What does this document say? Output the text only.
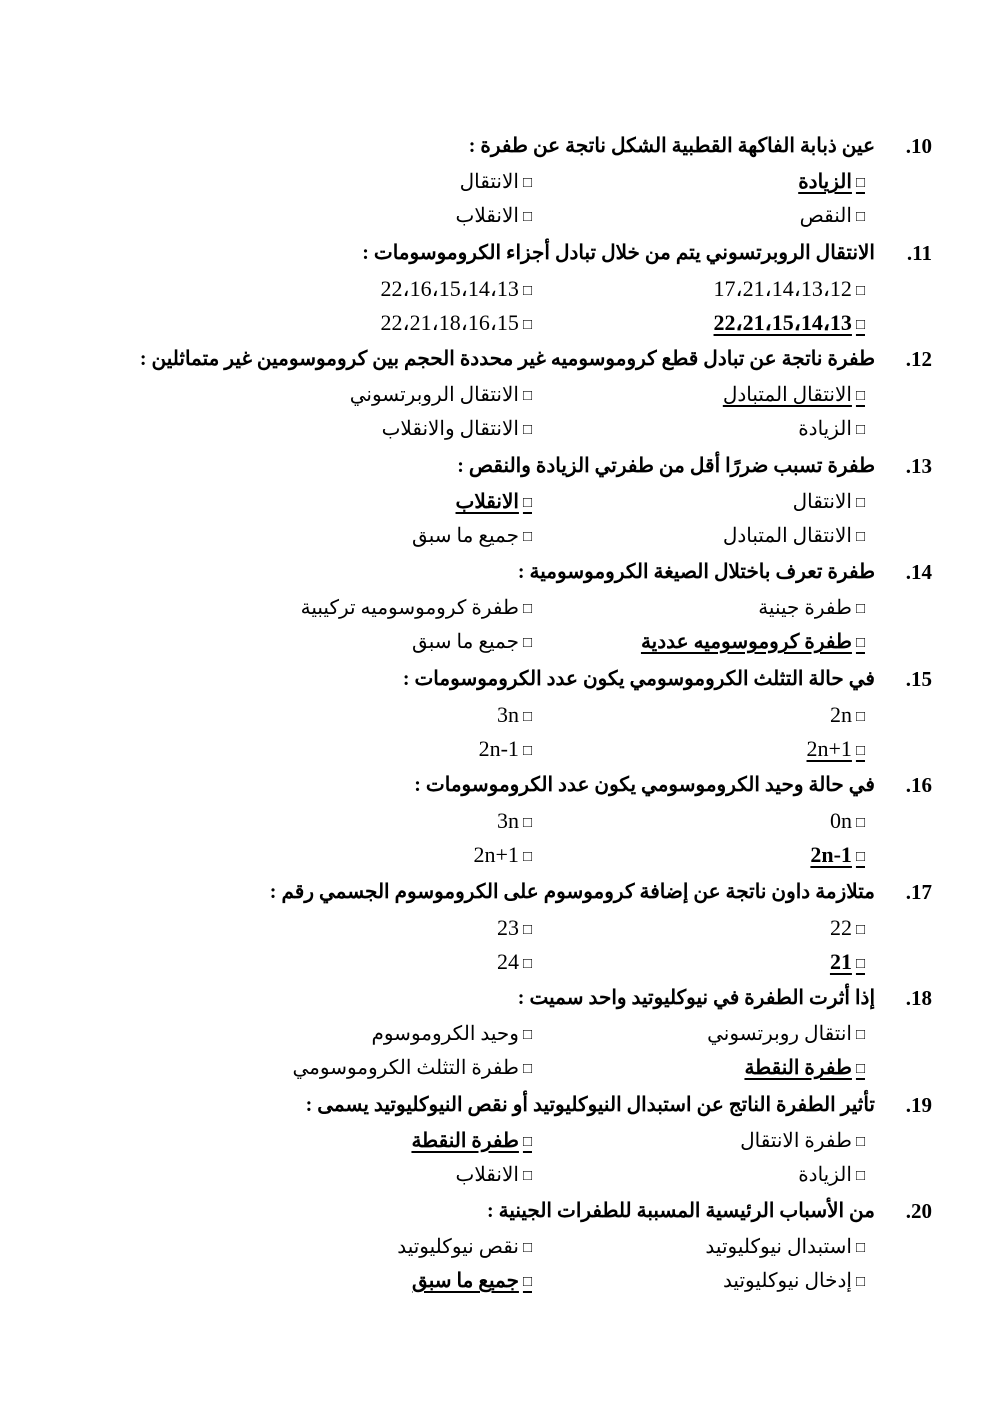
.10
عين ذبابة الفاكهة القطبية الشكل ناتجة عن طفرة :
□الزيادة
□الانتقال
□النقص
□الانقلاب
.11
الانتقال الروبرتسوني يتم من خلال تبادل أجزاء الكروموسومات :
□17،21،14،13،12
□22،16،15،14،13
□22،21،15،14،13
□22،21،18،16،15
.12
طفرة ناتجة عن تبادل قطع كروموسوميه غير محددة الحجم بين كروموسومين غير متماثلين :
□الانتقال المتبادل
□الانتقال الروبرتسوني
□الزيادة
□الانتقال والانقلاب
.13
طفرة تسبب ضررًا أقل من طفرتي الزيادة والنقص :
□الانتقال
□الانقلاب
□الانتقال المتبادل
□جميع ما سبق
.14
طفرة تعرف باختلال الصيغة الكروموسومية :
□طفرة جينية
□طفرة كروموسوميه تركيبية
□طفرة كروموسوميه عددية
□جميع ما سبق
.15
في حالة التثلث الكروموسومي يكون عدد الكروموسومات :
□2n
□3n
□2n+1
□2n-1
.16
في حالة وحيد الكروموسومي يكون عدد الكروموسومات :
□0n
□3n
□2n-1
□2n+1
.17
متلازمة داون ناتجة عن إضافة كروموسوم على الكروموسوم الجسمي رقم :
□22
□23
□21
□24
.18
إذا أثرت الطفرة في نيوكليوتيد واحد سميت :
□انتقال روبرتسوني
□وحيد الكروموسوم
□طفرة النقطة
□طفرة التثلث الكروموسومي
.19
تأثير الطفرة الناتج عن استبدال النيوكليوتيد أو نقص النيوكليوتيد يسمى :
□طفرة الانتقال
□طفرة النقطة
□الزيادة
□الانقلاب
.20
من الأسباب الرئيسية المسببة للطفرات الجينية :
□استبدال نيوكليوتيد
□نقص نيوكليوتيد
□إدخال نيوكليوتيد
□جميع ما سبق
